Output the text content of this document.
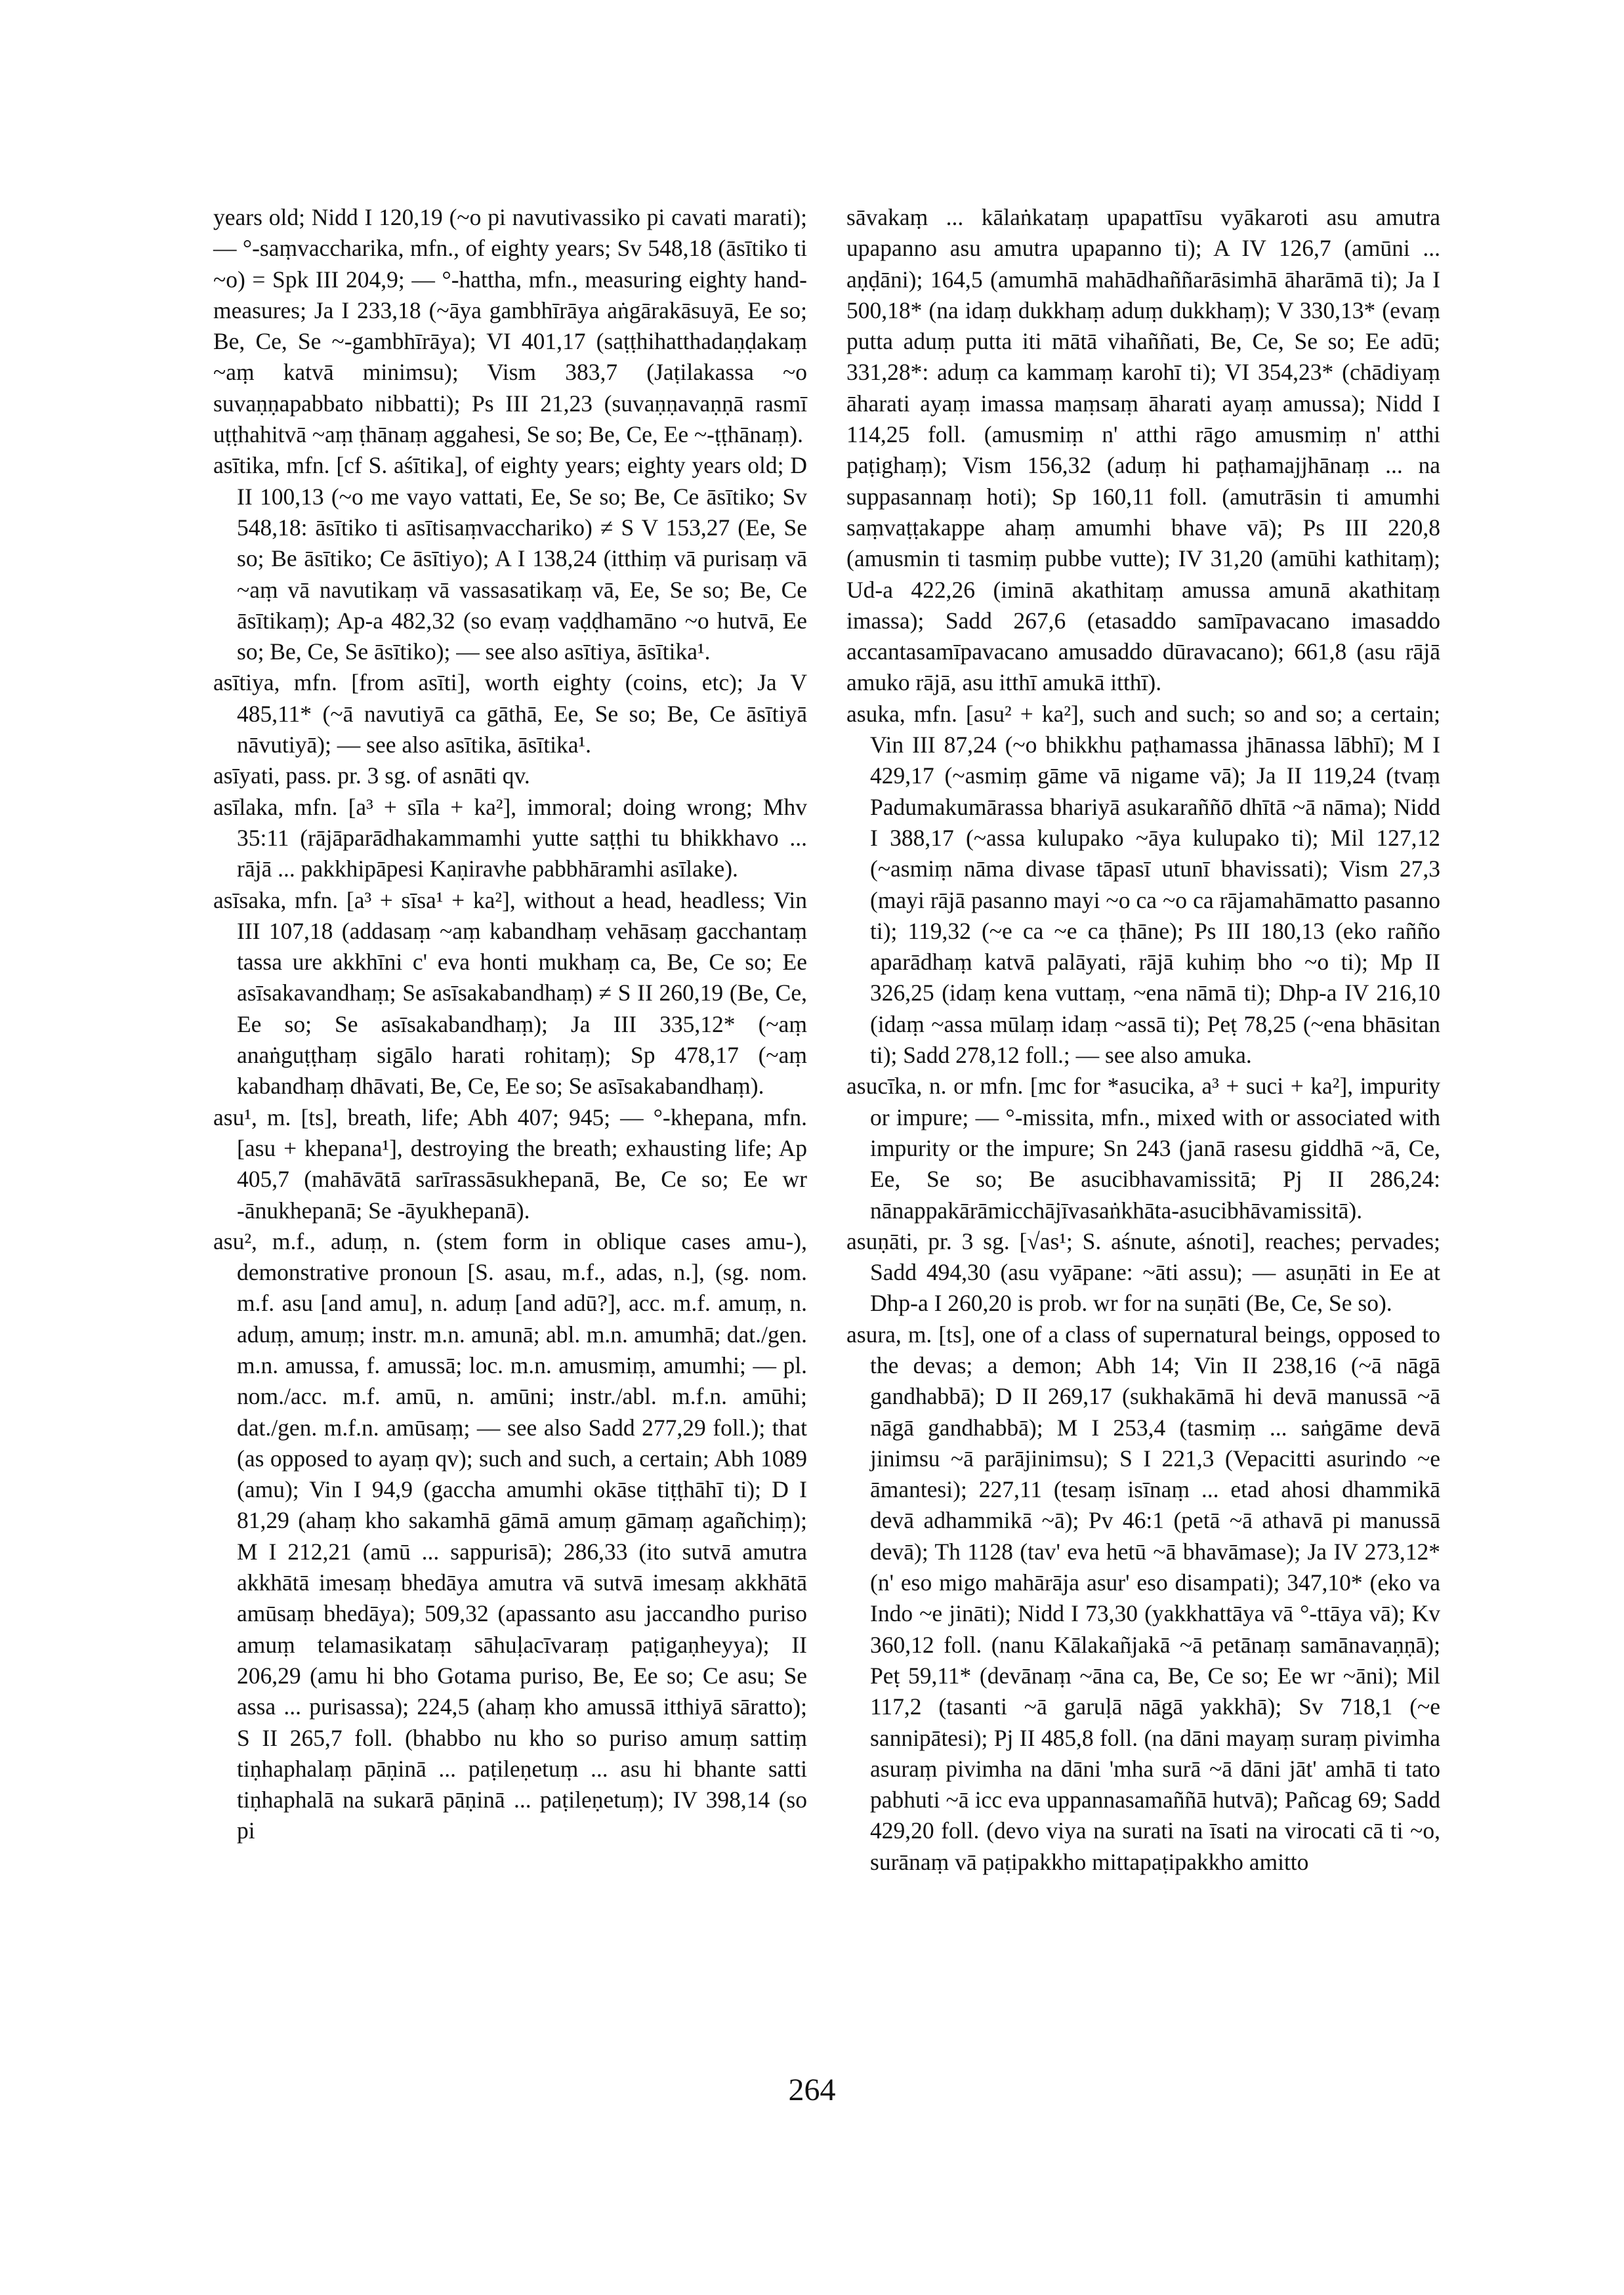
years old; Nidd I 120,19 (~o pi navutivassiko pi cavati marati); — °-saṃvaccharika, mfn., of eighty years; Sv 548,18 (āsītiko ti ~o) = Spk III 204,9; — °-hattha, mfn., measuring eighty hand-measures; Ja I 233,18 (~āya gambhīrāya aṅgārakāsuyā, Ee so; Be, Ce, Se ~-gambhīrāya); VI 401,17 (saṭṭhihatthadaṇḍakaṃ ~aṃ katvā minimsu); Vism 383,7 (Jaṭilakassa ~o suvaṇṇapabbato nibbatti); Ps III 21,23 (suvaṇṇavaṇṇā rasmī uṭṭhahitvā ~aṃ ṭhānaṃ aggahesi, Se so; Be, Ce, Ee ~-ṭṭhānaṃ).

asītika, mfn. [cf S. aśītika], of eighty years; eighty years old; D II 100,13 (~o me vayo vattati, Ee, Se so; Be, Ce āsītiko; Sv 548,18: āsītiko ti asītisaṃvacchariko) ≠ S V 153,27 (Ee, Se so; Be āsītiko; Ce āsītiyo); A I 138,24 (itthiṃ vā purisaṃ vā ~aṃ vā navutikaṃ vā vassasatikaṃ vā, Ee, Se so; Be, Ce āsītikaṃ); Ap-a 482,32 (so evaṃ vaḍḍhamāno ~o hutvā, Ee so; Be, Ce, Se āsītiko); — see also asītiya, āsītika¹.

asītiya, mfn. [from asīti], worth eighty (coins, etc); Ja V 485,11* (~ā navutiyā ca gāthā, Ee, Se so; Be, Ce āsītiyā nāvutiyā); — see also asītika, āsītika¹.

asīyati, pass. pr. 3 sg. of asnāti qv.

asīlaka, mfn. [a³ + sīla + ka²], immoral; doing wrong; Mhv 35:11 (rājāparādhakammamhi yutte saṭṭhi tu bhikkhavo ... rājā ... pakkhipāpesi Kaṇiravhe pabbhāramhi asīlake).

asīsaka, mfn. [a³ + sīsa¹ + ka²], without a head, headless; Vin III 107,18 (addasaṃ ~aṃ kabandhaṃ vehāsaṃ gacchantaṃ tassa ure akkhīni c' eva honti mukhaṃ ca, Be, Ce so; Ee asīsakavandhaṃ; Se asīsakabandhaṃ) ≠ S II 260,19 (Be, Ce, Ee so; Se asīsakabandhaṃ); Ja III 335,12* (~aṃ anaṅguṭṭhaṃ sigālo harati rohitaṃ); Sp 478,17 (~aṃ kabandhaṃ dhāvati, Be, Ce, Ee so; Se asīsakabandhaṃ).

asu¹, m. [ts], breath, life; Abh 407; 945; — °-khepana, mfn. [asu + khepana¹], destroying the breath; exhausting life; Ap 405,7 (mahāvātā sarīrassāsukhepanā, Be, Ce so; Ee wr -ānukhepanā; Se -āyukhepanā).

asu², m.f., aduṃ, n. (stem form in oblique cases amu-), demonstrative pronoun [S. asau, m.f., adas, n.], (sg. nom. m.f. asu [and amu], n. aduṃ [and adū?], acc. m.f. amuṃ, n. aduṃ, amuṃ; instr. m.n. amunā; abl. m.n. amumhā; dat./gen. m.n. amussa, f. amussā; loc. m.n. amusmiṃ, amumhi; — pl. nom./acc. m.f. amū, n. amūni; instr./abl. m.f.n. amūhi; dat./gen. m.f.n. amūsaṃ; — see also Sadd 277,29 foll.); that (as opposed to ayaṃ qv); such and such, a certain; Abh 1089 (amu); Vin I 94,9 (gaccha amumhi okāse tiṭṭhāhī ti); D I 81,29 (ahaṃ kho sakamhā gāmā amuṃ gāmaṃ agañchiṃ); M I 212,21 (amū ... sappurisā); 286,33 (ito sutvā amutra akkhātā imesaṃ bhedāya amutra vā sutvā imesaṃ akkhātā amūsaṃ bhedāya); 509,32 (apassanto asu jaccandho puriso amuṃ telamasikataṃ sāhuḷacīvaraṃ paṭigaṇheyya); II 206,29 (amu hi bho Gotama puriso, Be, Ee so; Ce asu; Se assa ... purisassa); 224,5 (ahaṃ kho amussā itthiyā sāratto); S II 265,7 foll. (bhabbo nu kho so puriso amuṃ sattiṃ tiṇhaphalaṃ pāṇinā ... paṭileṇetuṃ ... asu hi bhante satti tiṇhaphalā na sukarā pāṇinā ... paṭileṇetuṃ); IV 398,14 (so pi

sāvakaṃ ... kālaṅkataṃ upapattīsu vyākaroti asu amutra upapanno asu amutra upapanno ti); A IV 126,7 (amūni ... aṇḍāni); 164,5 (amumhā mahādhaññarāsimhā āharāmā ti); Ja I 500,18* (na idaṃ dukkhaṃ aduṃ dukkhaṃ); V 330,13* (evaṃ putta aduṃ putta iti mātā vihaññati, Be, Ce, Se so; Ee adū; 331,28*: aduṃ ca kammaṃ karohī ti); VI 354,23* (chādiyaṃ āharati ayaṃ imassa maṃsaṃ āharati ayaṃ amussa); Nidd I 114,25 foll. (amusmiṃ n' atthi rāgo amusmiṃ n' atthi paṭighaṃ); Vism 156,32 (aduṃ hi paṭhamajjhānaṃ ... na suppasannaṃ hoti); Sp 160,11 foll. (amutrāsin ti amumhi saṃvaṭṭakappe ahaṃ amumhi bhave vā); Ps III 220,8 (amusmin ti tasmiṃ pubbe vutte); IV 31,20 (amūhi kathitaṃ); Ud-a 422,26 (iminā akathitaṃ amussa amunā akathitaṃ imassa); Sadd 267,6 (etasaddo samīpavacano imasaddo accantasamīpavacano amusaddo dūravacano); 661,8 (asu rājā amuko rājā, asu itthī amukā itthī).

asuka, mfn. [asu² + ka²], such and such; so and so; a certain; Vin III 87,24 (~o bhikkhu paṭhamassa jhānassa lābhī); M I 429,17 (~asmiṃ gāme vā nigame vā); Ja II 119,24 (tvaṃ Padumakumārassa bhariyā asukaraññō dhītā ~ā nāma); Nidd I 388,17 (~assa kulupako ~āya kulupako ti); Mil 127,12 (~asmiṃ nāma divase tāpasī utunī bhavissati); Vism 27,3 (mayi rājā pasanno mayi ~o ca ~o ca rājamahāmatto pasanno ti); 119,32 (~e ca ~e ca ṭhāne); Ps III 180,13 (eko rañño aparādhaṃ katvā palāyati, rājā kuhiṃ bho ~o ti); Mp II 326,25 (idaṃ kena vuttaṃ, ~ena nāmā ti); Dhp-a IV 216,10 (idaṃ ~assa mūlaṃ idaṃ ~assā ti); Peṭ 78,25 (~ena bhāsitan ti); Sadd 278,12 foll.; — see also amuka.

asucīka, n. or mfn. [mc for *asucika, a³ + suci + ka²], impurity or impure; — °-missita, mfn., mixed with or associated with impurity or the impure; Sn 243 (janā rasesu giddhā ~ā, Ce, Ee, Se so; Be asucibhavamissitā; Pj II 286,24: nānappakārāmicchājīvasaṅkhāta-asucibhāvamissitā).

asuṇāti, pr. 3 sg. [√as¹; S. aśnute, aśnoti], reaches; pervades; Sadd 494,30 (asu vyāpane: ~āti assu); — asuṇāti in Ee at Dhp-a I 260,20 is prob. wr for na suṇāti (Be, Ce, Se so).

asura, m. [ts], one of a class of supernatural beings, opposed to the devas; a demon; Abh 14; Vin II 238,16 (~ā nāgā gandhabbā); D II 269,17 (sukhakāmā hi devā manussā ~ā nāgā gandhabbā); M I 253,4 (tasmiṃ ... saṅgāme devā jinimsu ~ā parājinimsu); S I 221,3 (Vepacitti asurindo ~e āmantesi); 227,11 (tesaṃ isīnaṃ ... etad ahosi dhammikā devā adhammikā ~ā); Pv 46:1 (petā ~ā athavā pi manussā devā); Th 1128 (tav' eva hetū ~ā bhavāmase); Ja IV 273,12* (n' eso migo mahārāja asur' eso disampati); 347,10* (eko va Indo ~e jināti); Nidd I 73,30 (yakkhattāya vā °-ttāya vā); Kv 360,12 foll. (nanu Kālakañjakā ~ā petānaṃ samānavaṇṇā); Peṭ 59,11* (devānaṃ ~āna ca, Be, Ce so; Ee wr ~āni); Mil 117,2 (tasanti ~ā garuḷā nāgā yakkhā); Sv 718,1 (~e sannipātesi); Pj II 485,8 foll. (na dāni mayaṃ suraṃ pivimha asuraṃ pivimha na dāni 'mha surā ~ā dāni jāt' amhā ti tato pabhuti ~ā icc eva uppannasamaññā hutvā); Pañcag 69; Sadd 429,20 foll. (devo viya na surati na īsati na virocati cā ti ~o, surānaṃ vā paṭipakkho mittapaṭipakkho amitto

264
